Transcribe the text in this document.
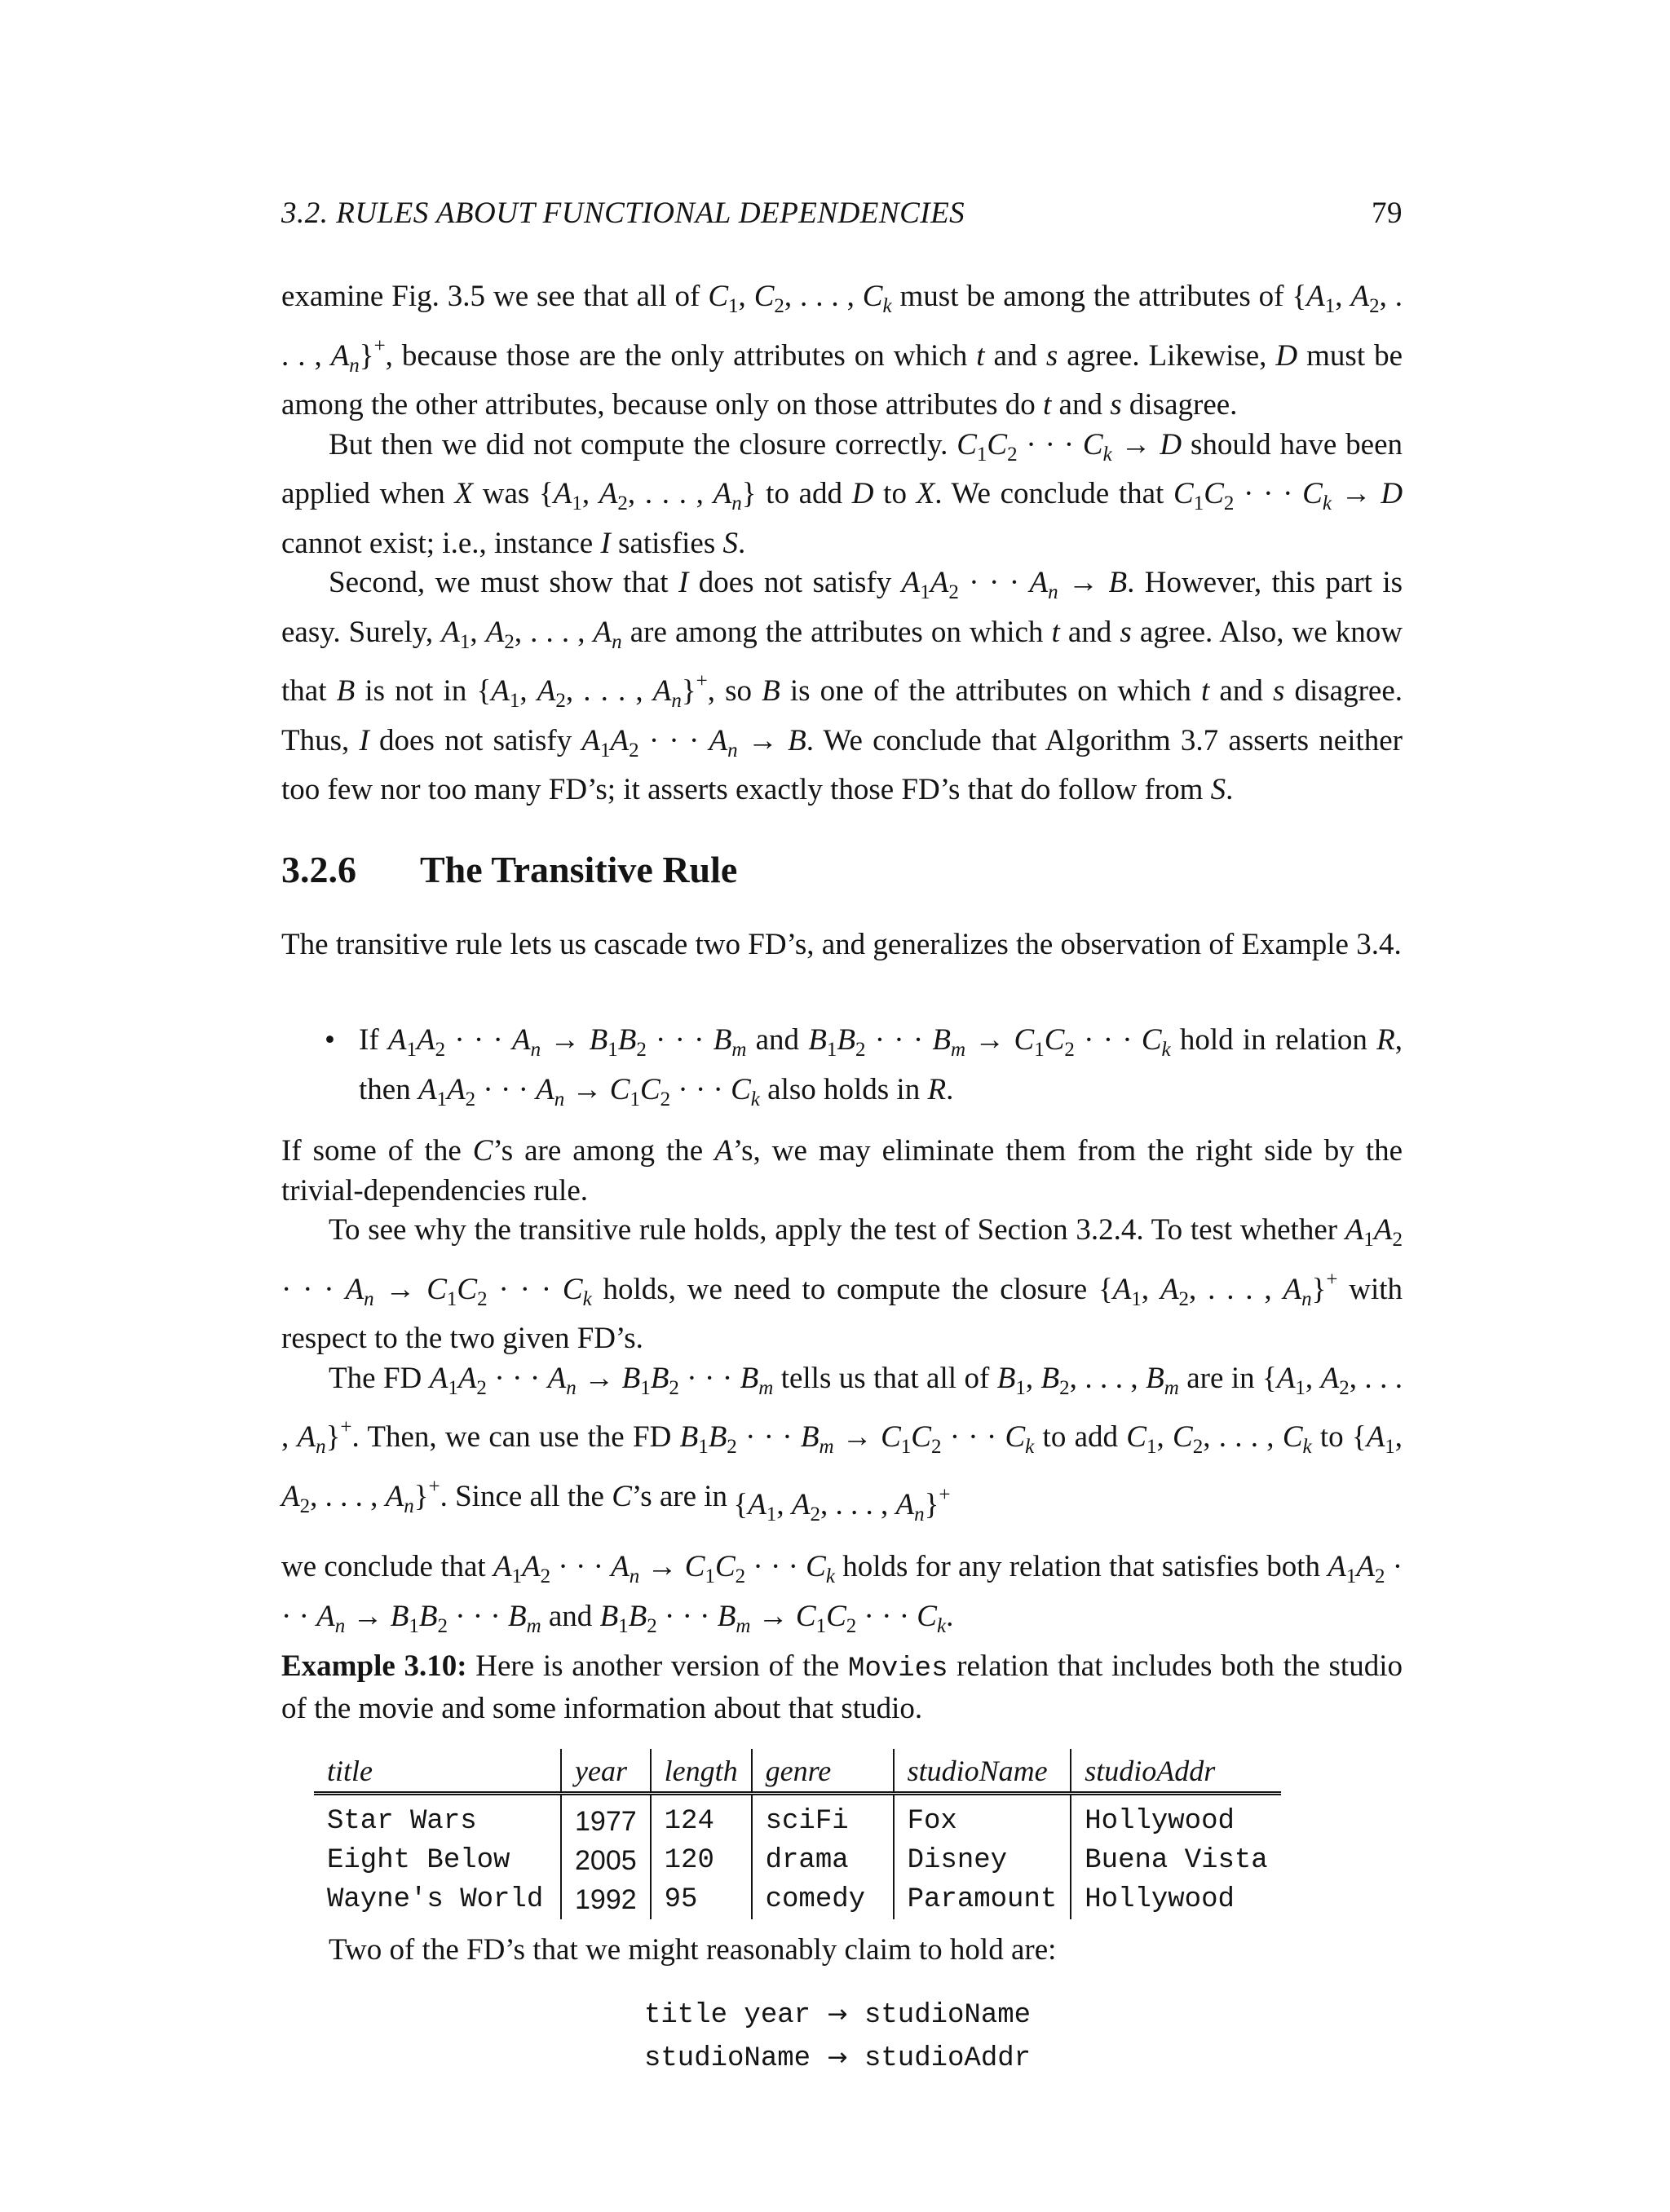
3.2. RULES ABOUT FUNCTIONAL DEPENDENCIES	79

examine Fig. 3.5 we see that all of $C_1$, $C_2$, . . . , $C_k$ must be among the attributes of {$A_1$, $A_2$, . . . , $A_n\}^+$, because those are the only attributes on which t and s agree. Likewise, D must be among the other attributes, because only on those attributes do t and s disagree.

But then we did not compute the closure correctly. $C_1C_2$ · · · $C_k \to D$ should have been applied when X was {$A_1$, $A_2$, . . . , $A_n$} to add D to X. We conclude that $C_1C_2$ · · · $C_k \to D$ cannot exist; i.e., instance I satisfies S.

Second, we must show that I does not satisfy $A_1A_2$ · · · $A_n \to B$. However, this part is easy. Surely, $A_1$, $A_2$, . . . , $A_n$ are among the attributes on which t and s agree. Also, we know that B is not in {$A_1$, $A_2$, . . . , $A_n\}^+$, so B is one of the attributes on which t and s disagree. Thus, I does not satisfy $A_1A_2$ · · · $A_n \to B$. We conclude that Algorithm 3.7 asserts neither too few nor too many FD’s; it asserts exactly those FD’s that do follow from S.

3.2.6 The Transitive Rule

The transitive rule lets us cascade two FD’s, and generalizes the observation of Example 3.4.

• If $A_1A_2$ · · · $A_n \to B_1B_2$ · · · $B_m$ and $B_1B_2$ · · · $B_m \to C_1C_2$ · · · $C_k$ hold in relation R, then $A_1A_2$ · · · $A_n \to C_1C_2$ · · · $C_k$ also holds in R.

If some of the C’s are among the A’s, we may eliminate them from the right side by the trivial-dependencies rule.

To see why the transitive rule holds, apply the test of Section 3.2.4. To test whether $A_1A_2$ · · · $A_n \to C_1C_2$ · · · $C_k$ holds, we need to compute the closure {$A_1$, $A_2$, . . . , $A_n\}^+$ with respect to the two given FD’s.

The FD $A_1A_2$ · · · $A_n \to B_1B_2$ · · · $B_m$ tells us that all of $B_1$, $B_2$, . . . , $B_m$ are in {$A_1$, $A_2$, . . . , $A_n\}^+$. Then, we can use the FD $B_1B_2$ · · · $B_m \to C_1C_2$ · · · $C_k$ to add $C_1$, $C_2$, . . . , $C_k$ to {$A_1$, $A_2$, . . . , $A_n\}^+$. Since all the C’s are in {$A_1$, $A_2$, . . . , $A_n\}^+$

we conclude that $A_1A_2$ · · · $A_n \to C_1C_2$ · · · $C_k$ holds for any relation that satisfies both $A_1A_2$ · · · $A_n \to B_1B_2$ · · · $B_m$ and $B_1B_2$ · · · $B_m \to C_1C_2$ · · · $C_k$.

Example 3.10: Here is another version of the Movies relation that includes both the studio of the movie and some information about that studio.

title	year	length	genre	studioName	studioAddr
Star Wars	1977	124	sciFi	Fox	Hollywood
Eight Below	2005	120	drama	Disney	Buena Vista
Wayne's World	1992	95	comedy	Paramount	Hollywood

Two of the FD’s that we might reasonably claim to hold are:

title year → studioName
studioName → studioAddr
